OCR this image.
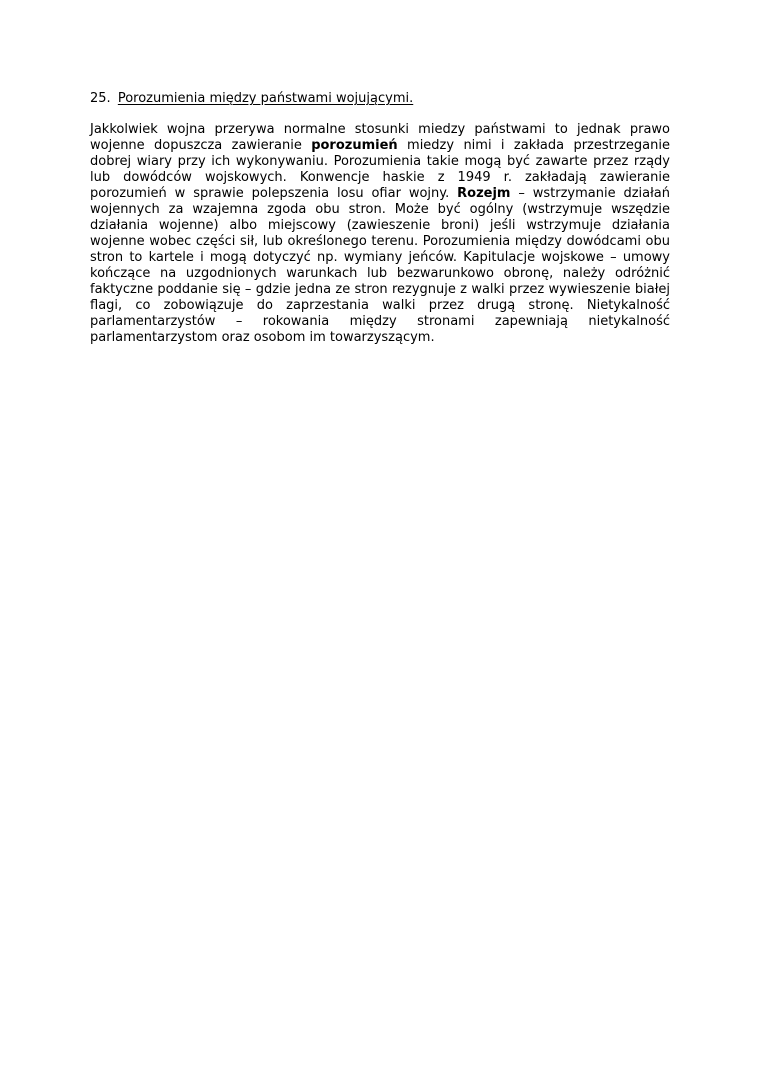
25. Porozumienia między państwami wojującymi.

Jakkolwiek wojna przerywa normalne stosunki miedzy państwami to jednak prawo wojenne dopuszcza zawieranie porozumień miedzy nimi i zakłada przestrzeganie dobrej wiary przy ich wykonywaniu. Porozumienia takie mogą być zawarte przez rządy lub dowódców wojskowych. Konwencje haskie z 1949 r. zakładają zawieranie porozumień w sprawie polepszenia losu ofiar wojny. Rozejm – wstrzymanie działań wojennych za wzajemna zgoda obu stron. Może być ogólny (wstrzymuje wszędzie działania wojenne) albo miejscowy (zawieszenie broni) jeśli wstrzymuje działania wojenne wobec części sił, lub określonego terenu. Porozumienia między dowódcami obu stron to kartele i mogą dotyczyć np. wymiany jeńców. Kapitulacje wojskowe – umowy kończące na uzgodnionych warunkach lub bezwarunkowo obronę, należy odróżnić faktyczne poddanie się – gdzie jedna ze stron rezygnuje z walki przez wywieszenie białej flagi, co zobowiązuje do zaprzestania walki przez drugą stronę. Nietykalność parlamentarzystów – rokowania między stronami zapewniają nietykalność parlamentarzystom oraz osobom im towarzyszącym.
